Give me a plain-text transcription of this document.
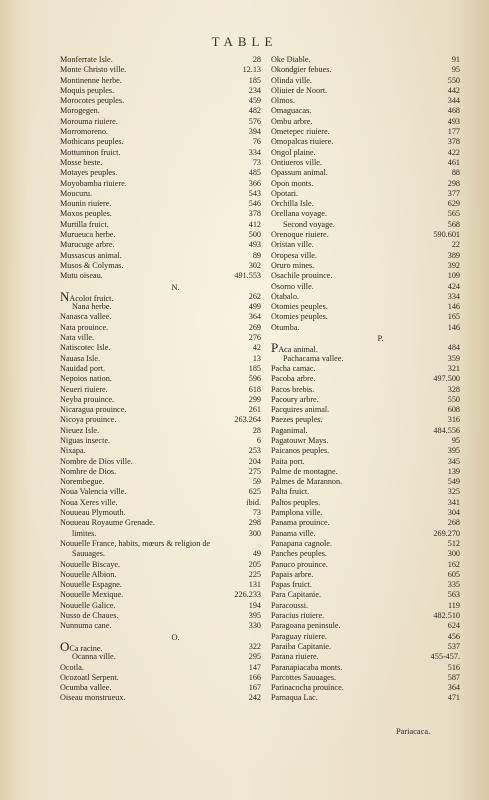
TABLE
Monferrate Isle.	28
Monte Christo ville.	12.13
Montinenne herbe.	185
Moquis peuples.	234
Morocotes peuples.	459
Morogegen.	482
Morouma riuiere.	576
Morromoreno.	394
Mothicans peuples.	76
Mottumnon fruict.	334
Mosse beste.	73
Motayes peuples.	485
Moyobamba riuiere.	366
Moucuru.	543
Mounin riuiere.	546
Moxos peuples.	378
Murtilla fruict.	412
Murueuca herbe.	500
Murucuge arbre.	493
Mussascus animal.	89
Musos & Colymas.	302
Mutu oiseau.	491.553
N.
NAcolot fruict.	262
Nana herbe.	499
Nanasca vallee.	364
Nata prouince.	269
Nata ville.	276
Natiscotec Isle.	42
Nauasa Isle.	13
Nauidad port.	185
Nepoios nation.	596
Neueri riuiere.	618
Neyba prouince.	299
Nicaragua prouince.	261
Nicoya prouince.	263.264
Nieuez Isle.	28
Niguas insecte.	6
Nixapa.	253
Nombre de Dios ville.	204
Nombre de Dios.	275
Norembegue.	59
Noua Valencia ville.	625
Noua Xeres ville.	ibid.
Nouueau Plymouth.	73
Nouueau Royaume Grenade.	298
limites.	300
Nouuelle France, habits, mœurs & religion de
Sauuages.	49
Nouuelle Biscaye.	205
Nouuelle Albion.	225
Nouuelle Espagne.	131
Nouuelle Mexique.	226.233
Nouuelle Galice.	194
Nusso de Chaues.	395
Nunnuma cane.	330
O.
OCa racine.	322
Ocanna ville.	295
Ocotla.	147
Ocozoatl Serpent.	166
Ocumba vallee.	167
Oiseau monstrueux.	242
Oke Diable.	91
Okondgier febues.	95
Olinda ville.	550
Oliuier de Noort.	442
Olmos.	344
Omaguacas.	468
Ombu arbre.	493
Ometepec riuiere.	177
Omopalcas riuiere.	378
Ongol plaine.	422
Ontiueros ville.	461
Opassum animal.	88
Opon monts.	298
Opotari.	377
Orchilla Isle.	629
Orellana voyage.	565
Second voyage.	568
Orenoque riuiere.	590.601
Oristan ville.	22
Oropesa ville.	389
Oruro mines.	392
Osachile prouince.	109
Osorno ville.	424
Otabalo.	334
Otomies peuples.	146
Otomies peuples.	165
Otumba.	146
P.
PAca animal.	484
Pachacama vallee.	359
Pacha camac.	321
Pacoba arbre.	497.500
Pacos brebis.	328
Pacoury arbre.	550
Pacquires animal.	608
Paezes peuples.	316
Paganimal.	484.556
Pagatouwr Mays.	95
Paicanos peuples.	395
Paita port.	345
Palme de montagne.	139
Palmes de Marannon.	549
Palta fruict.	325
Paltos peuples.	341
Pamplona ville.	304
Panama prouince.	268
Panama ville.	269.270
Panapana cagnole.	512
Panches peuples.	300
Panuco prouince.	162
Papais arbre.	605
Papas fruict.	335
Para Capitanie.	563
Paracoussi.	119
Paracius riuiere.	482.510
Paragoana peninsule.	624
Paraguay riuiere.	456
Paraiba Capitanie.	537
Parana riuiere.	455-457.
Paranapiacaba monts.	516
Parcottes Sauuages.	587
Parinacocha prouince.	364
Parnaqua Lac.	471
Pariacaca.
